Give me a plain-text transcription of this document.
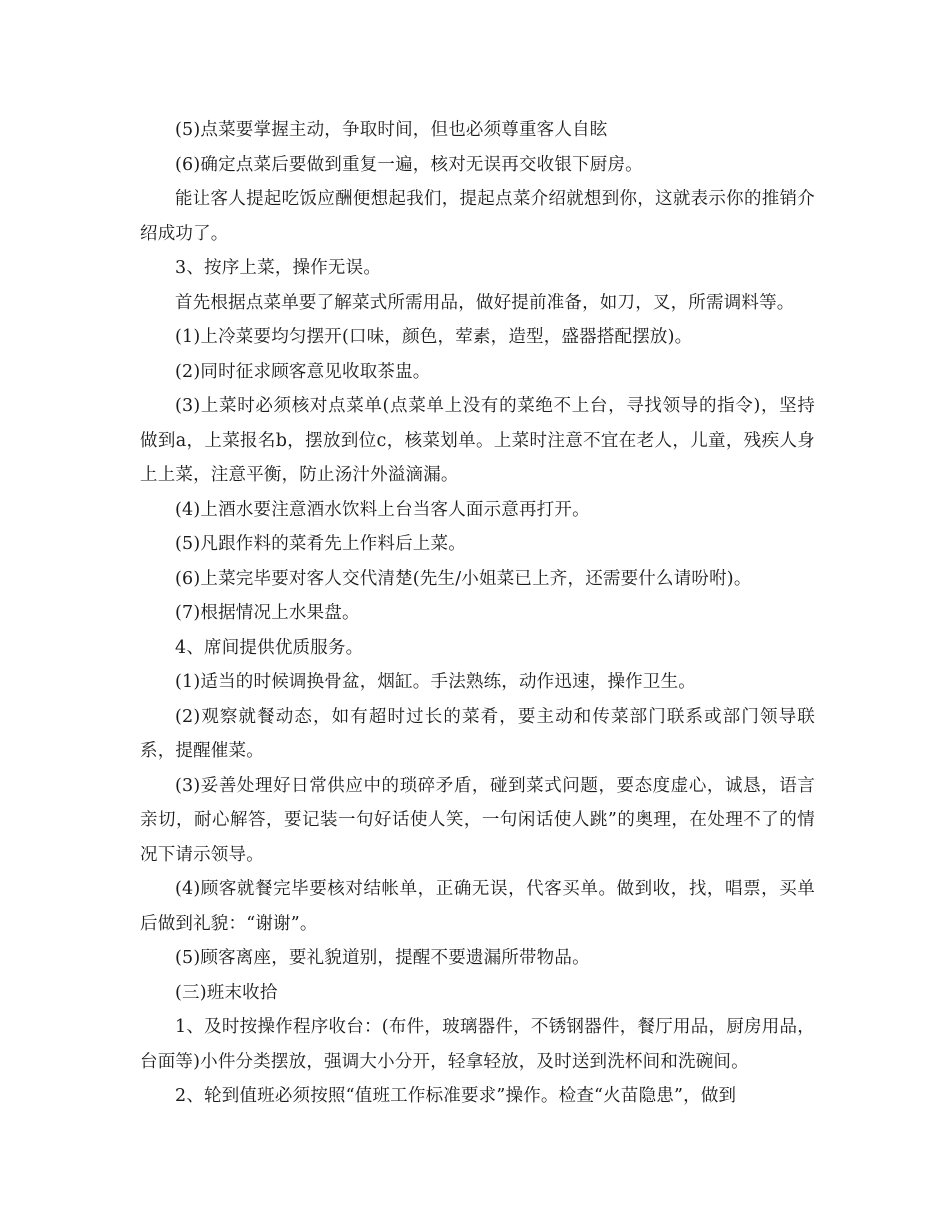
(5)点菜要掌握主动，争取时间，但也必须尊重客人自眩

(6)确定点菜后要做到重复一遍，核对无误再交收银下厨房。

能让客人提起吃饭应酬便想起我们，提起点菜介绍就想到你，这就表示你的推销介绍成功了。

3、按序上菜，操作无误。

首先根据点菜单要了解菜式所需用品，做好提前准备，如刀，叉，所需调料等。

(1)上冷菜要均匀摆开(口味，颜色，荤素，造型，盛器搭配摆放)。

(2)同时征求顾客意见收取茶盅。

(3)上菜时必须核对点菜单(点菜单上没有的菜绝不上台，寻找领导的指令)，坚持做到a，上菜报名b，摆放到位c，核菜划单。上菜时注意不宜在老人，儿童，残疾人身上上菜，注意平衡，防止汤汁外溢滴漏。

(4)上酒水要注意酒水饮料上台当客人面示意再打开。

(5)凡跟作料的菜肴先上作料后上菜。

(6)上菜完毕要对客人交代清楚(先生/小姐菜已上齐，还需要什么请吩咐)。

(7)根据情况上水果盘。

4、席间提供优质服务。

(1)适当的时候调换骨盆，烟缸。手法熟练，动作迅速，操作卫生。

(2)观察就餐动态，如有超时过长的菜肴，要主动和传菜部门联系或部门领导联系，提醒催菜。

(3)妥善处理好日常供应中的琐碎矛盾，碰到菜式问题，要态度虚心，诚恳，语言亲切，耐心解答，要记装一句好话使人笑，一句闲话使人跳”的奥理，在处理不了的情况下请示领导。

(4)顾客就餐完毕要核对结帐单，正确无误，代客买单。做到收，找，唱票，买单后做到礼貌：“谢谢”。

(5)顾客离座，要礼貌道别，提醒不要遗漏所带物品。

(三)班末收拾

1、及时按操作程序收台：(布件，玻璃器件，不锈钢器件，餐厅用品，厨房用品，台面等)小件分类摆放，强调大小分开，轻拿轻放，及时送到洗杯间和洗碗间。

2、轮到值班必须按照“值班工作标准要求”操作。检查“火苗隐患”，做到
